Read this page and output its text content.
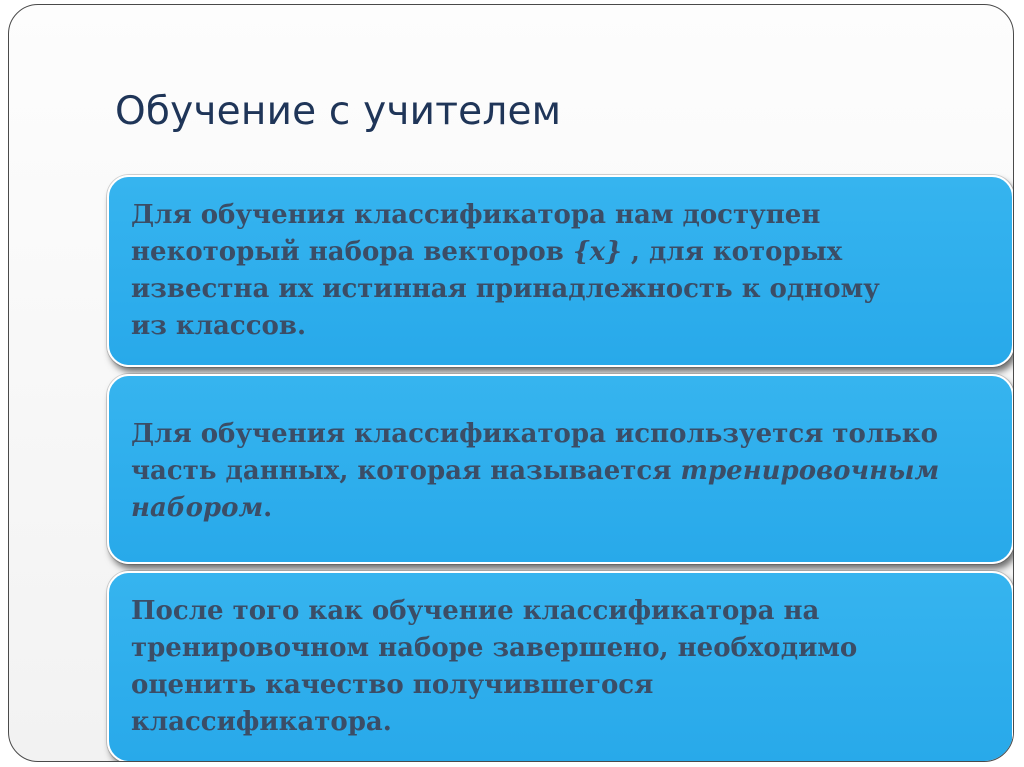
Обучение с учителем

Для обучения классификатора нам доступен

некоторый набора векторов {x} , для которых

известна их истинная принадлежность к одному

из классов.

Для обучения классификатора используется только

часть данных, которая называется тренировочным

набором.

После того как обучение классификатора на

тренировочном наборе завершено, необходимо

оценить качество получившегося

классификатора.
